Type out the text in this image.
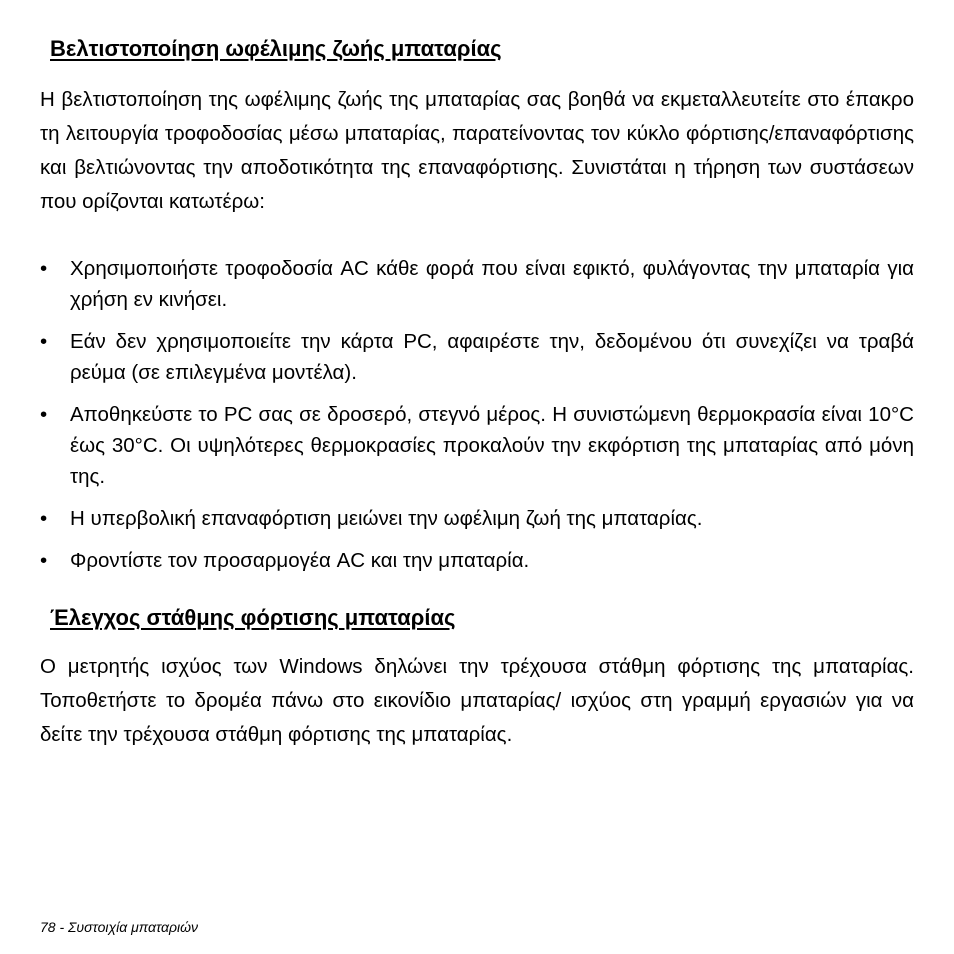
Βελτιστοποίηση ωφέλιμης ζωής μπαταρίας

Η βελτιστοποίηση της ωφέλιμης ζωής της μπαταρίας σας βοηθά να εκμεταλλευτείτε στο έπακρο τη λειτουργία τροφοδοσίας μέσω μπαταρίας, παρατείνοντας τον κύκλο φόρτισης/επαναφόρτισης και βελτιώνοντας την αποδοτικότητα της επαναφόρτισης. Συνιστάται η τήρηση των συστάσεων που ορίζονται κατωτέρω:

• Χρησιμοποιήστε τροφοδοσία AC κάθε φορά που είναι εφικτό, φυλάγοντας την μπαταρία για χρήση εν κινήσει.
• Εάν δεν χρησιμοποιείτε την κάρτα PC, αφαιρέστε την, δεδομένου ότι συνεχίζει να τραβά ρεύμα (σε επιλεγμένα μοντέλα).
• Αποθηκεύστε το PC σας σε δροσερό, στεγνό μέρος. Η συνιστώμενη θερμοκρασία είναι 10°C έως 30°C. Οι υψηλότερες θερμοκρασίες προκαλούν την εκφόρτιση της μπαταρίας από μόνη της.
• Η υπερβολική επαναφόρτιση μειώνει την ωφέλιμη ζωή της μπαταρίας.
• Φροντίστε τον προσαρμογέα AC και την μπαταρία.
Έλεγχος στάθμης φόρτισης μπαταρίας

Ο μετρητής ισχύος των Windows δηλώνει την τρέχουσα στάθμη φόρτισης της μπαταρίας. Τοποθετήστε το δρομέα πάνω στο εικονίδιο μπαταρίας/ ισχύος στη γραμμή εργασιών για να δείτε την τρέχουσα στάθμη φόρτισης της μπαταρίας.

78 - Συστοιχία μπαταριών
